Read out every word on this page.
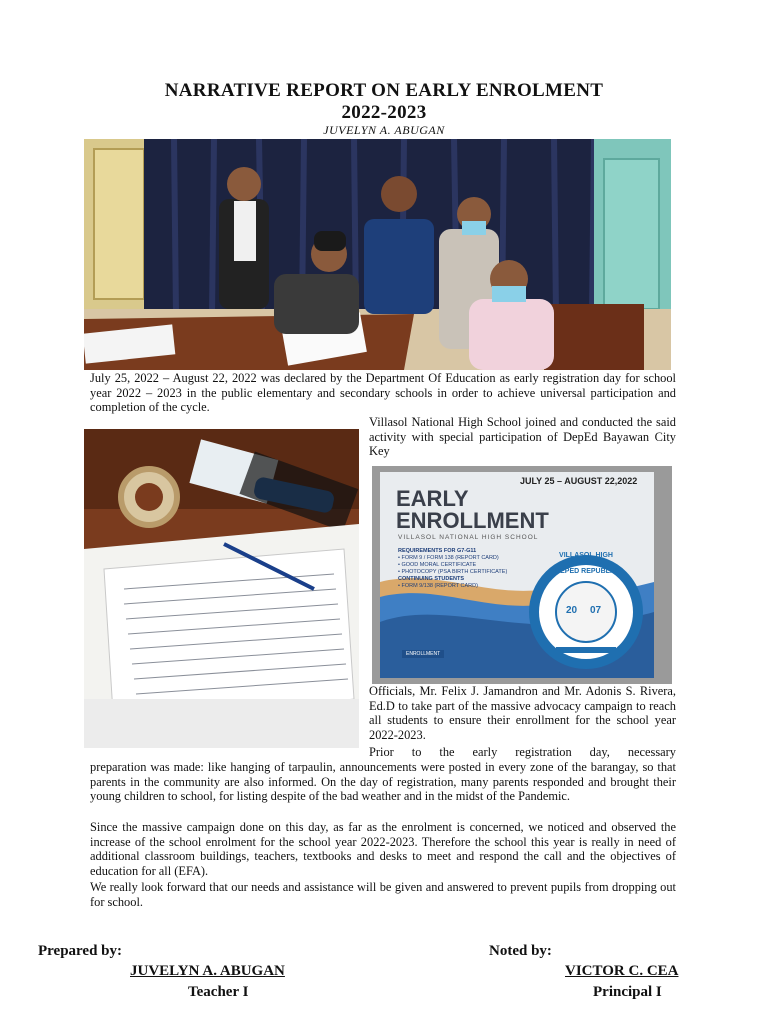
NARRATIVE REPORT ON EARLY ENROLMENT
2022-2023
JUVELYN A. ABUGAN
July 25, 2022 – August 22, 2022 was declared by the Department Of Education as early registration day for school year 2022 – 2023 in the public elementary and secondary schools in order to achieve universal participation and completion of the cycle.
Villasol National High School joined and conducted the said activity with special participation of DepEd Bayawan City Key
JULY 25 – AUGUST 22,2022
EARLY
ENROLLMENT
VILLASOL NATIONAL HIGH SCHOOL
REQUIREMENTS FOR G7-G11
• FORM 9 / FORM 138 (REPORT CARD)
• GOOD MORAL CERTIFICATE
• PHOTOCOPY (PSA BIRTH CERTIFICATE)
CONTINUING STUDENTS
• FORM 9/138 (REPORT CARD)
ENROLLMENT
DEPED REPUBLIC
20 07
VILLASOL HIGH SCHOOL
Officials, Mr. Felix J. Jamandron and Mr. Adonis S. Rivera, Ed.D to take part of the massive advocacy campaign to reach all students to ensure their enrollment for the school year 2022-2023.
Prior to the early registration day, necessary
preparation was made: like hanging of tarpaulin, announcements were posted in every zone of the barangay, so that parents in the community are also informed. On the day of registration, many parents responded and brought their young children to school, for listing despite of the bad weather and in the midst of the Pandemic.
Since the massive campaign done on this day, as far as the enrolment is concerned, we noticed and observed the increase of the school enrolment for the school year 2022-2023. Therefore the school this year is really in need of additional classroom buildings, teachers, textbooks and desks to meet and respond the call and the objectives of education for all (EFA).
We really look forward that our needs and assistance will be given and answered to prevent pupils from dropping out for school.
Prepared by:
JUVELYN A. ABUGAN
Teacher I
Noted by:
VICTOR C. CEA
Principal I
